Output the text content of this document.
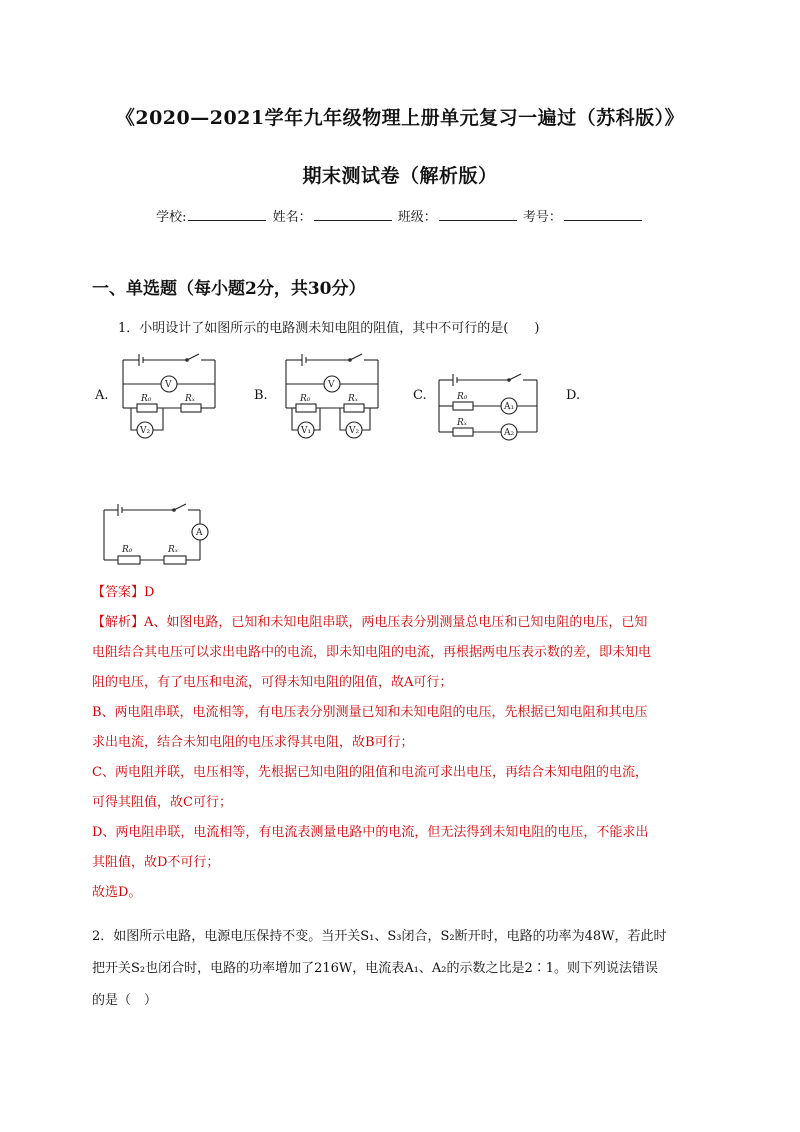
《2020—2021学年九年级物理上册单元复习一遍过（苏科版）》
期末测试卷（解析版）
学校:	姓名：	班级：	考号：
一、单选题（每小题2分，共30分）
1．小明设计了如图所示的电路测未知电阻的阻值，其中不可行的是(　　)
A.	B.	C.	D.
V
R₀	Rₓ
V₂
V
R₀	Rₓ
V₁	V₂
R₀
A₁
Rₓ
A₂
A
R₀	Rₓ
【答案】D
【解析】A、如图电路，已知和未知电阻串联，两电压表分别测量总电压和已知电阻的电压，已知
电阻结合其电压可以求出电路中的电流，即未知电阻的电流，再根据两电压表示数的差，即未知电
阻的电压，有了电压和电流，可得未知电阻的阻值，故A可行；
B、两电阻串联，电流相等，有电压表分别测量已知和未知电阻的电压，先根据已知电阻和其电压
求出电流，结合未知电阻的电压求得其电阻，故B可行；
C、两电阻并联，电压相等，先根据已知电阻的阻值和电流可求出电压，再结合未知电阻的电流，
可得其阻值，故C可行；
D、两电阻串联，电流相等，有电流表测量电路中的电流，但无法得到未知电阻的电压，不能求出
其阻值，故D不可行；
故选D。
2．如图所示电路，电源电压保持不变。当开关S₁、S₃闭合，S₂断开时，电路的功率为48W，若此时
把开关S₂也闭合时，电路的功率增加了216W，电流表A₁、A₂的示数之比是2∶1。则下列说法错误
的是（　）
